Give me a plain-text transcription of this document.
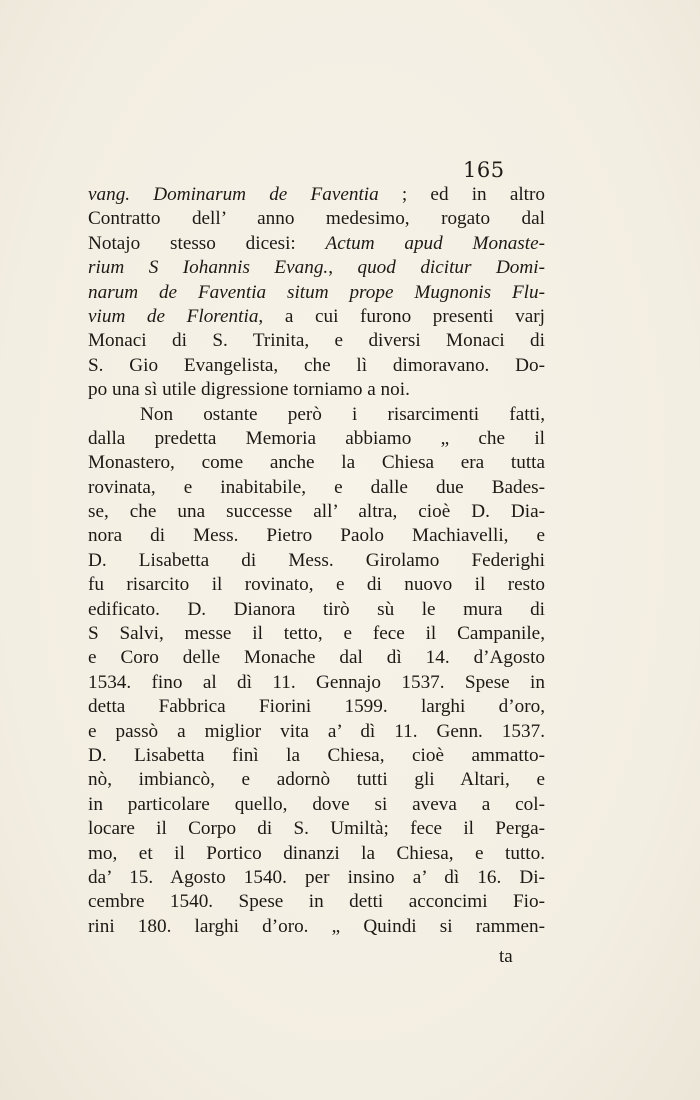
165
vang. Dominarum de Faventia ; ed in altro
Contratto dell’ anno medesimo, rogato dal
Notajo stesso dicesi: Actum apud Monaste-
rium S Iohannis Evang., quod dicitur Domi-
narum de Faventia situm prope Mugnonis Flu-
vium de Florentia, a cui furono presenti varj
Monaci di S. Trinita, e diversi Monaci di
S. Gio Evangelista, che lì dimoravano. Do-
po una sì utile digressione torniamo a noi.
Non ostante però i risarcimenti fatti,
dalla predetta Memoria abbiamo „ che il
Monastero, come anche la Chiesa era tutta
rovinata, e inabitabile, e dalle due Bades-
se, che una successe all’ altra, cioè D. Dia-
nora di Mess. Pietro Paolo Machiavelli, e
D. Lisabetta di Mess. Girolamo Federighi
fu risarcito il rovinato, e di nuovo il resto
edificato. D. Dianora tirò sù le mura di
S Salvi, messe il tetto, e fece il Campanile,
e Coro delle Monache dal dì 14. d’Agosto
1534. fino al dì 11. Gennajo 1537. Spese in
detta Fabbrica Fiorini 1599. larghi d’oro,
e passò a miglior vita a’ dì 11. Genn. 1537.
D. Lisabetta finì la Chiesa, cioè ammatto-
nò, imbiancò, e adornò tutti gli Altari, e
in particolare quello, dove si aveva a col-
locare il Corpo di S. Umiltà; fece il Perga-
mo, et il Portico dinanzi la Chiesa, e tutto.
da’ 15. Agosto 1540. per insino a’ dì 16. Di-
cembre 1540. Spese in detti acconcimi Fio-
rini 180. larghi d’oro. „ Quindi si rammen-
ta
